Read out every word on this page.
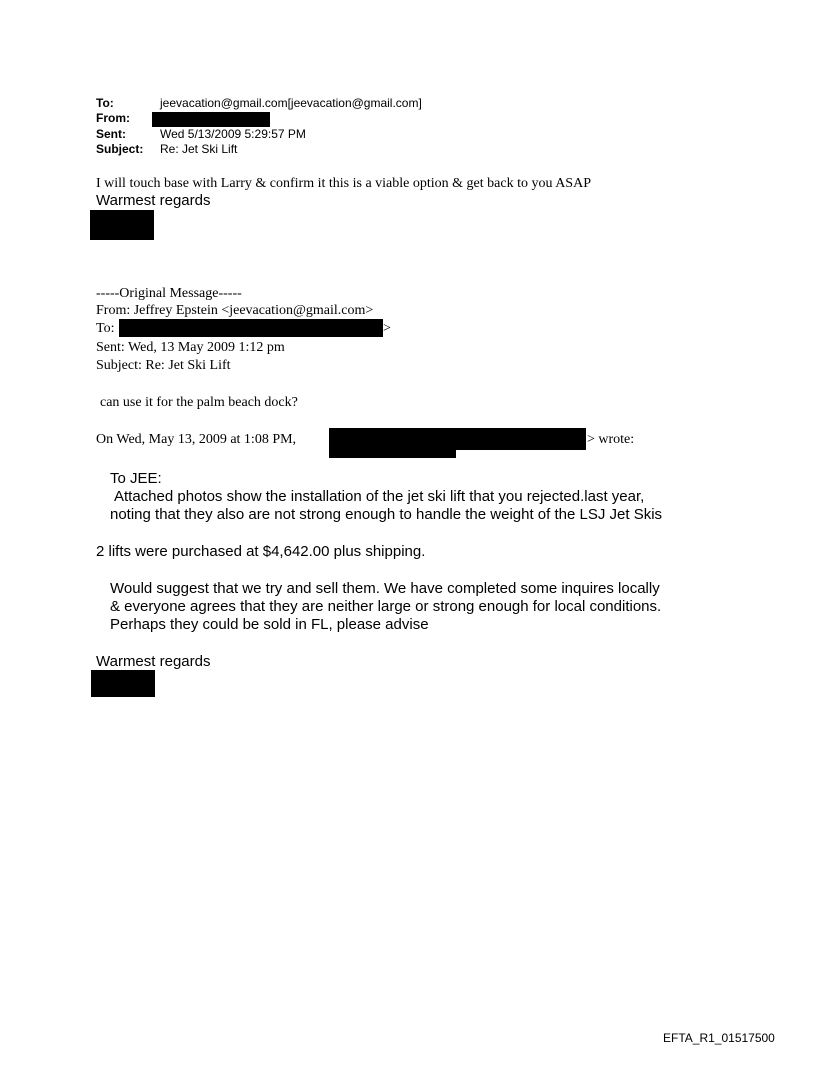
To:	jeevacation@gmail.com[jeevacation@gmail.com]
From:
Sent:	Wed 5/13/2009 5:29:57 PM
Subject: Re: Jet Ski Lift
I will touch base with Larry & confirm it this is a viable option & get back to you ASAP
Warmest regards
-----Original Message-----
From: Jeffrey Epstein <jeevacation@gmail.com>
To:	>
Sent: Wed, 13 May 2009 1:12 pm
Subject: Re: Jet Ski Lift
can use it for the palm beach dock?
On Wed, May 13, 2009 at 1:08 PM,	> wrote:
To JEE:
Attached photos show the installation of the jet ski lift that you rejected.last year,
noting that they also are not strong enough to handle the weight of the LSJ Jet Skis
2 lifts were purchased at $4,642.00 plus shipping.
Would suggest that we try and sell them. We have completed some inquires locally
& everyone agrees that they are neither large or strong enough for local conditions.
Perhaps they could be sold in FL, please advise
Warmest regards
EFTA_R1_01517500
